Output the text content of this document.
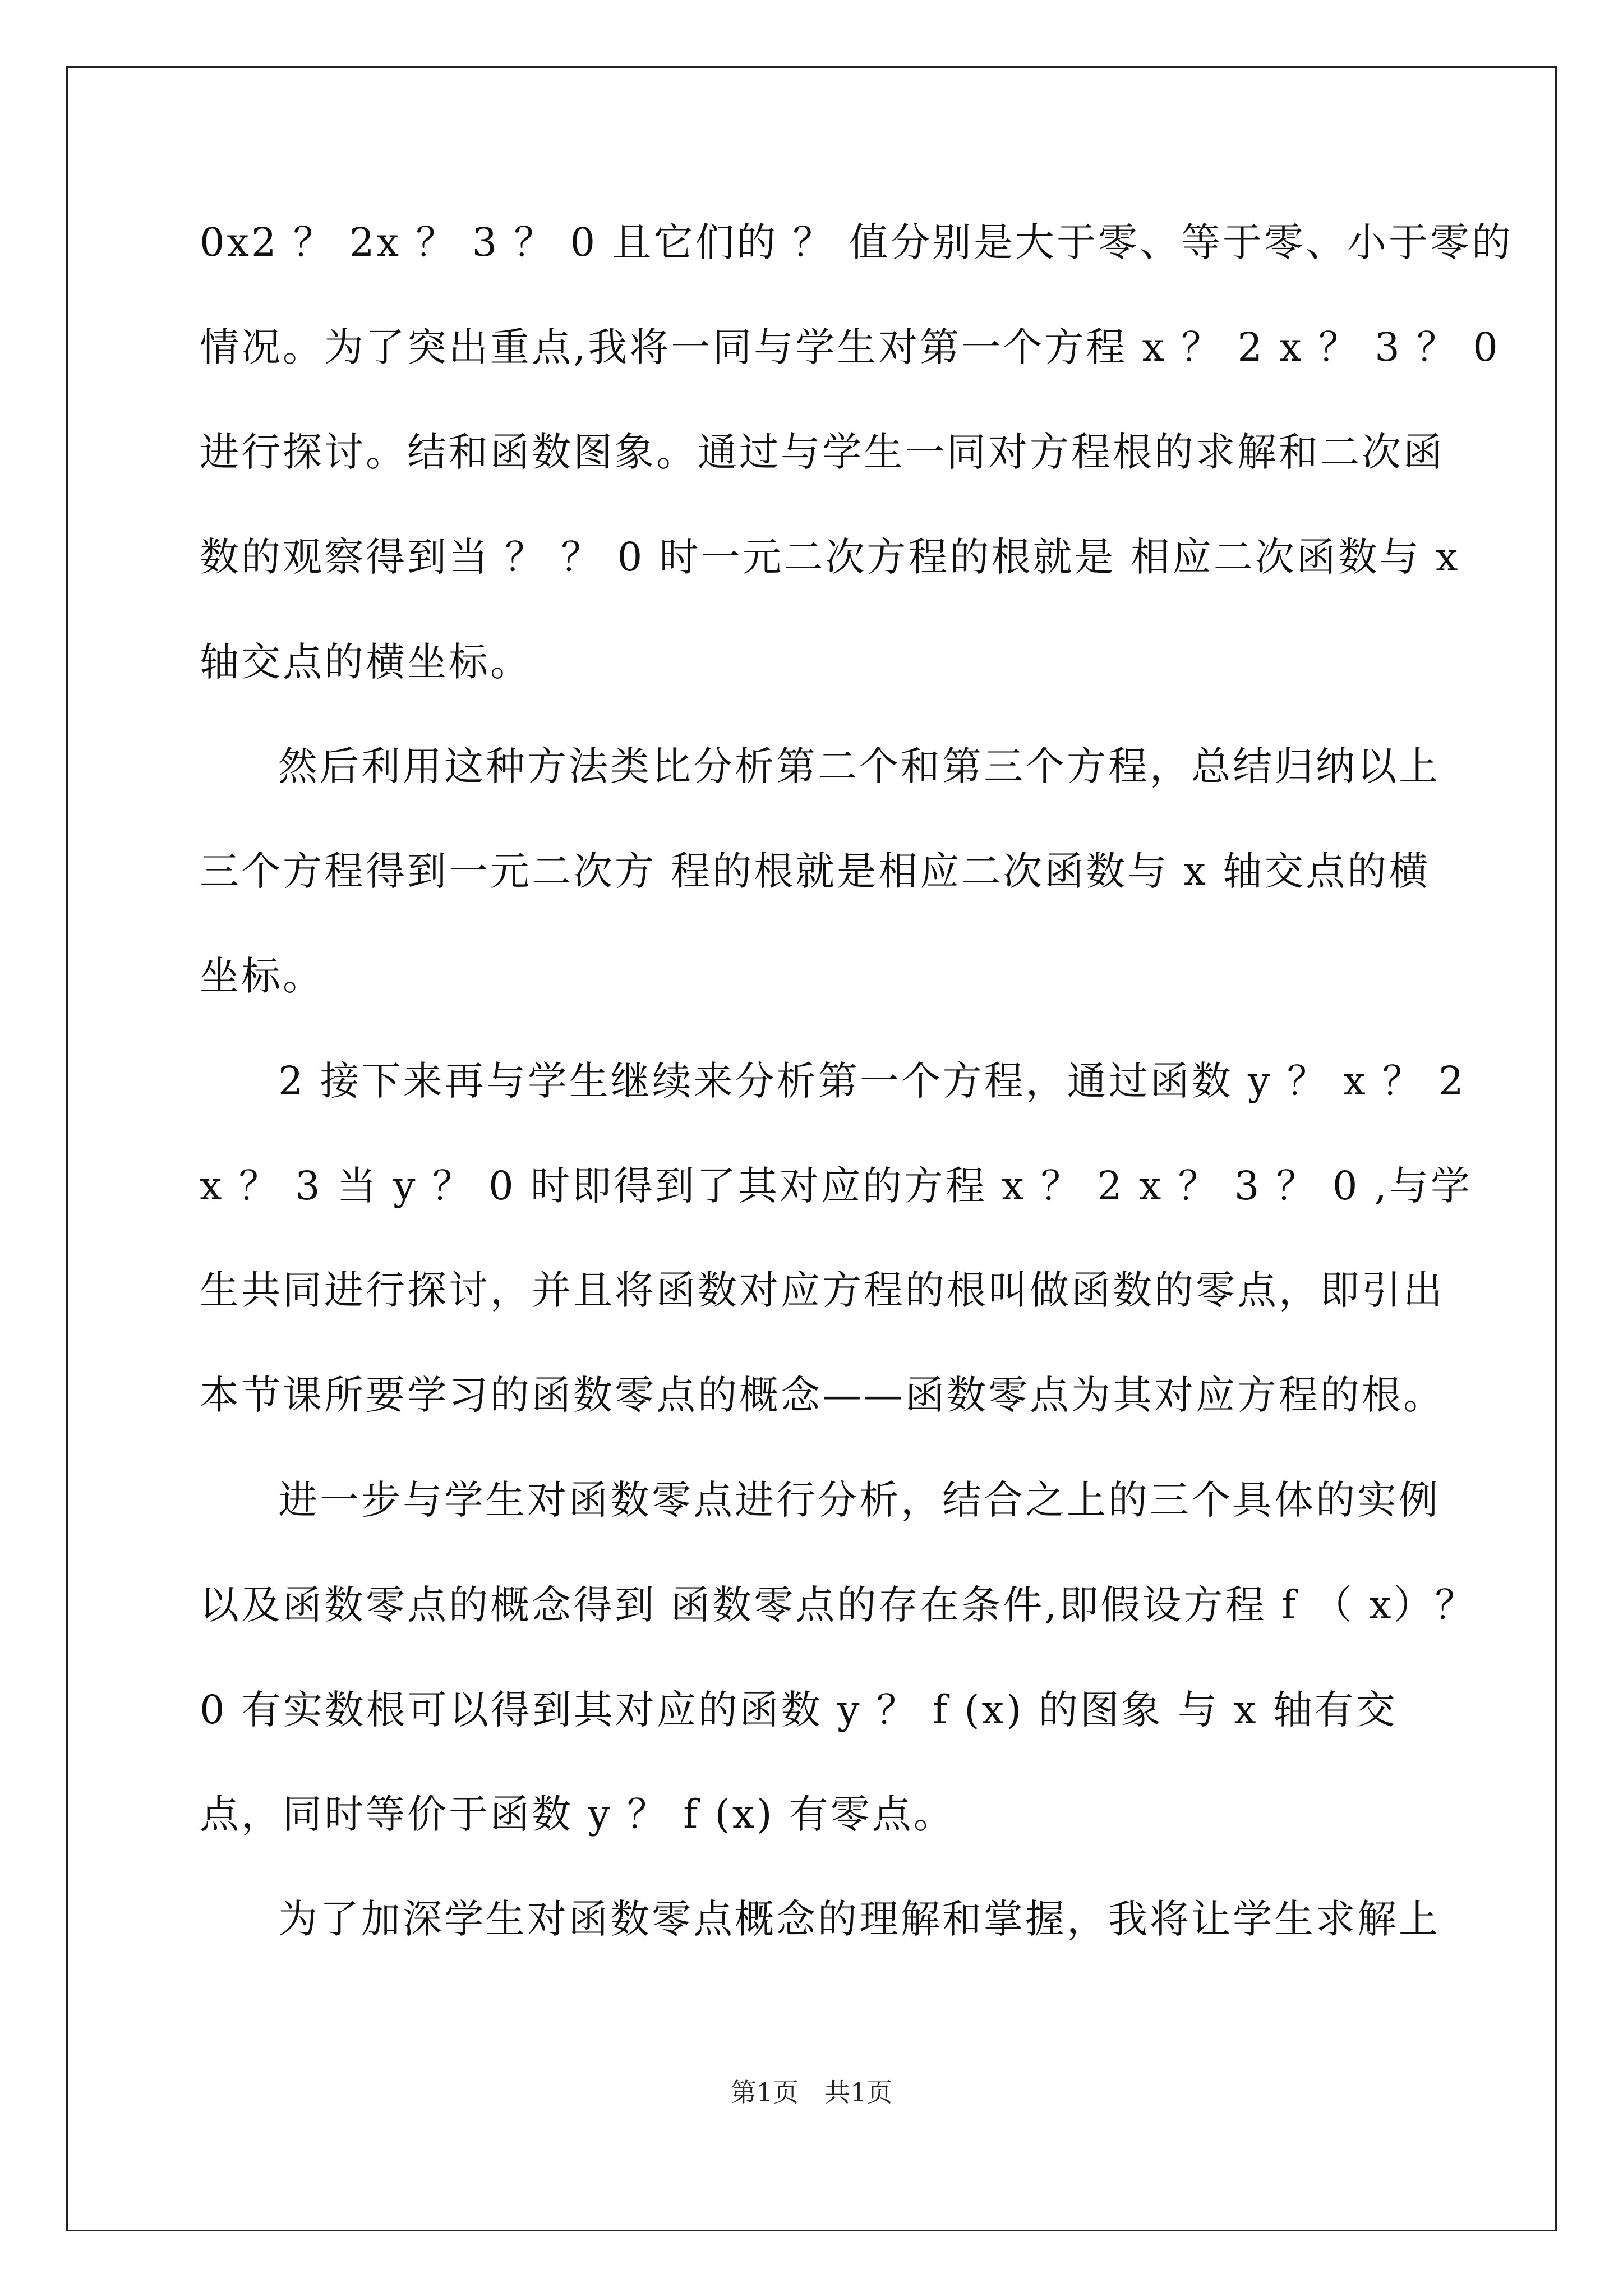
0x2 ？ 2x ？ 3 ？ 0 且它们的 ？ 值分别是大于零、等于零、小于零的
情况。为了突出重点,我将一同与学生对第一个方程 x ？ 2 x ？ 3 ？ 0
进行探讨。结和函数图象。通过与学生一同对方程根的求解和二次函
数的观察得到当 ？ ？ 0 时一元二次方程的根就是 相应二次函数与 x
轴交点的横坐标。
然后利用这种方法类比分析第二个和第三个方程，总结归纳以上
三个方程得到一元二次方 程的根就是相应二次函数与 x 轴交点的横
坐标。
2 接下来再与学生继续来分析第一个方程，通过函数 y ？ x ？ 2
x ？ 3 当 y ？ 0 时即得到了其对应的方程 x ？ 2 x ？ 3 ？ 0 ,与学
生共同进行探讨，并且将函数对应方程的根叫做函数的零点，即引出
本节课所要学习的函数零点的概念——函数零点为其对应方程的根。
进一步与学生对函数零点进行分析，结合之上的三个具体的实例
以及函数零点的概念得到 函数零点的存在条件,即假设方程 f （ x）？
0 有实数根可以得到其对应的函数 y ？ f (x) 的图象 与 x 轴有交
点，同时等价于函数 y ？ f (x) 有零点。
为了加深学生对函数零点概念的理解和掌握，我将让学生求解上
第1页　共1页
